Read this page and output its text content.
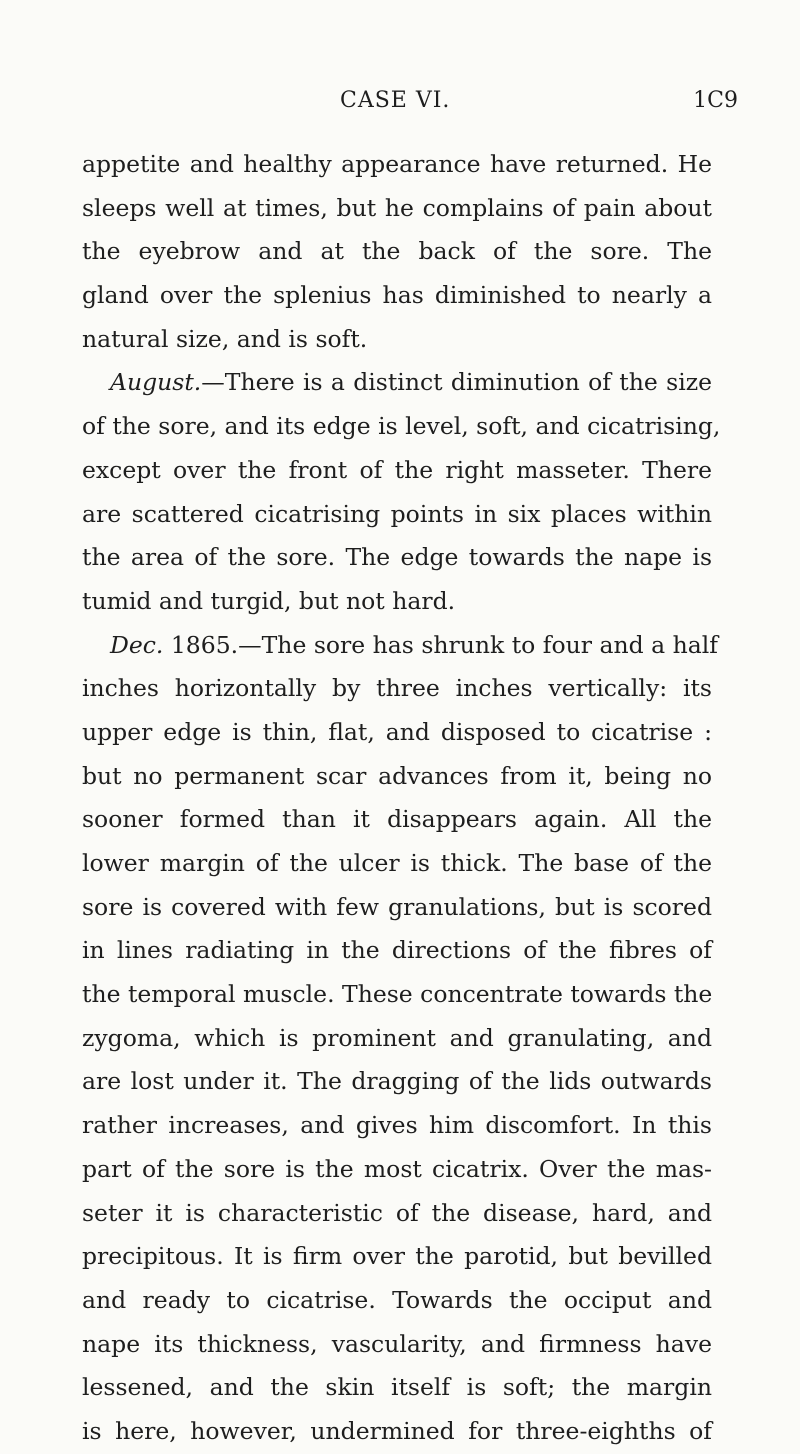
CASE VI.	1C9
appetite and healthy appearance have returned. He
sleeps well at times, but he complains of pain about
the eyebrow and at the back of the sore. The
gland over the splenius has diminished to nearly a
natural size, and is soft.
August.—There is a distinct diminution of the size
of the sore, and its edge is level, soft, and cicatrising,
except over the front of the right masseter. There
are scattered cicatrising points in six places within
the area of the sore. The edge towards the nape is
tumid and turgid, but not hard.
Dec. 1865.—The sore has shrunk to four and a half
inches horizontally by three inches vertically: its
upper edge is thin, flat, and disposed to cicatrise :
but no permanent scar advances from it, being no
sooner formed than it disappears again. All the
lower margin of the ulcer is thick. The base of the
sore is covered with few granulations, but is scored
in lines radiating in the directions of the fibres of
the temporal muscle. These concentrate towards the
zygoma, which is prominent and granulating, and
are lost under it. The dragging of the lids outwards
rather increases, and gives him discomfort. In this
part of the sore is the most cicatrix. Over the mas-
seter it is characteristic of the disease, hard, and
precipitous. It is firm over the parotid, but bevilled
and ready to cicatrise. Towards the occiput and
nape its thickness, vascularity, and firmness have
lessened, and the skin itself is soft; the margin
is here, however, undermined for three-eighths of
